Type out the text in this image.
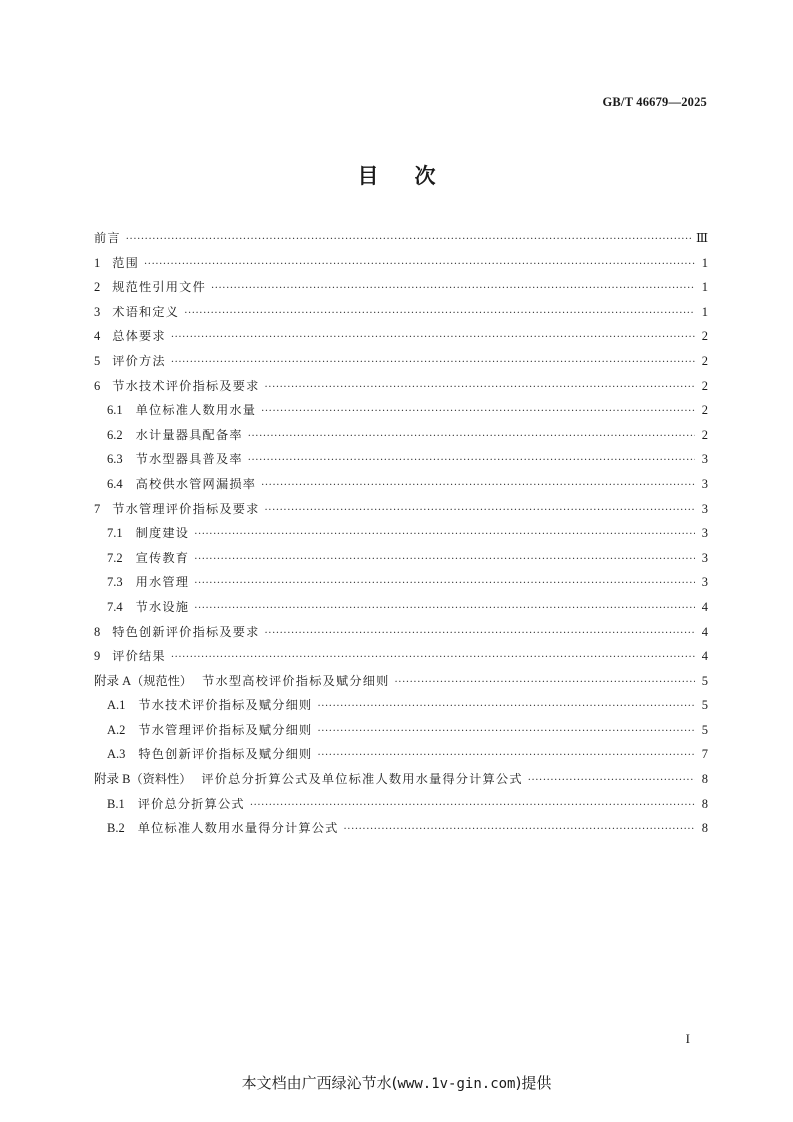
GB/T 46679—2025
目次
前言 ·····	Ⅲ
1 范围 ·····	1
2 规范性引用文件 ·····	1
3 术语和定义 ·····	1
4 总体要求 ·····	2
5 评价方法 ·····	2
6 节水技术评价指标及要求 ·····	2
6.1 单位标准人数用水量 ·····	2
6.2 水计量器具配备率 ·····	2
6.3 节水型器具普及率 ·····	3
6.4 高校供水管网漏损率 ·····	3
7 节水管理评价指标及要求 ·····	3
7.1 制度建设 ·····	3
7.2 宣传教育 ·····	3
7.3 用水管理 ·····	3
7.4 节水设施 ·····	4
8 特色创新评价指标及要求 ·····	4
9 评价结果 ·····	4
附录 A （规范性） 节水型高校评价指标及赋分细则 ·····	5
A.1 节水技术评价指标及赋分细则 ·····	5
A.2 节水管理评价指标及赋分细则 ·····	5
A.3 特色创新评价指标及赋分细则 ·····	7
附录 B （资料性） 评价总分折算公式及单位标准人数用水量得分计算公式 ·····	8
B.1 评价总分折算公式 ·····	8
B.2 单位标准人数用水量得分计算公式 ·····	8
I
本文档由广西绿沁节水(www.1v-gin.com)提供
